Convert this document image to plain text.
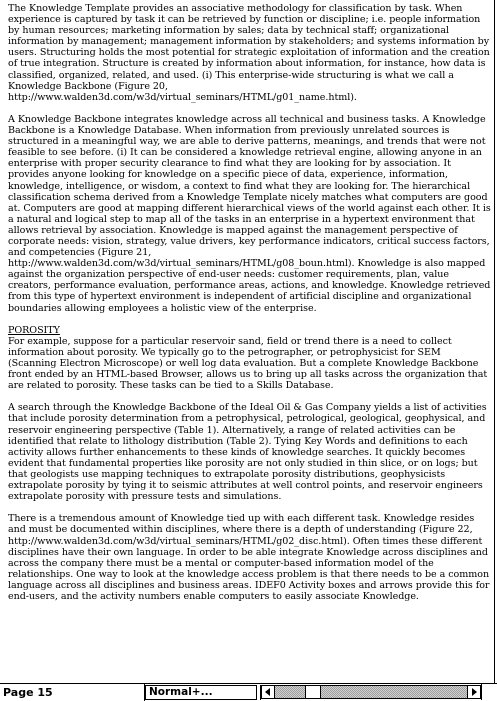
The Knowledge Template provides an associative methodology for classification by task. When experience is captured by task it can be retrieved by function or discipline; i.e. people information by human resources; marketing information by sales; data by technical staff; organizational information by management; management information by stakeholders; and systems information by users. Structuring holds the most potential for strategic exploitation of information and the creation of true integration. Structure is created by information about information, for instance, how data is classified, organized, related, and used. (i) This enterprise-wide structuring is what we call a Knowledge Backbone (Figure 20, http://www.walden3d.com/w3d/virtual_seminars/HTML/g01_name.html).

A Knowledge Backbone integrates knowledge across all technical and business tasks. A Knowledge Backbone is a Knowledge Database. When information from previously unrelated sources is structured in a meaningful way, we are able to derive patterns, meanings, and trends that were not feasible to see before. (i) It can be considered a knowledge retrieval engine, allowing anyone in an enterprise with proper security clearance to find what they are looking for by association. It provides anyone looking for knowledge on a specific piece of data, experience, information, knowledge, intelligence, or wisdom, a context to find what they are looking for. The hierarchical classification schema derived from a Knowledge Template nicely matches what computers are good at. Computers are good at mapping different hierarchical views of the world against each other. It is a natural and logical step to map all of the tasks in an enterprise in a hypertext environment that allows retrieval by association. Knowledge is mapped against the management perspective of corporate needs: vision, strategy, value drivers, key performance indicators, critical success factors, and competencies (Figure 21, http://www.walden3d.com/w3d/virtual_seminars/HTML/g08_boun.html). Knowledge is also mapped against the organization perspective of end-user needs: customer requirements, plan, value creators, performance evaluation, performance areas, actions, and knowledge. Knowledge retrieved from this type of hypertext environment is independent of artificial discipline and organizational boundaries allowing employees a holistic view of the enterprise.

POROSITY
For example, suppose for a particular reservoir sand, field or trend there is a need to collect information about porosity. We typically go to the petrographer, or petrophysicist for SEM (Scanning Electron Microscope) or well log data evaluation. But a complete Knowledge Backbone front ended by an HTML-based Browser, allows us to bring up all tasks across the organization that are related to porosity. These tasks can be tied to a Skills Database.

A search through the Knowledge Backbone of the Ideal Oil & Gas Company yields a list of activities that include porosity determination from a petrophysical, petrological, geological, geophysical, and reservoir engineering perspective (Table 1). Alternatively, a range of related activities can be identified that relate to lithology distribution (Table 2). Tying Key Words and definitions to each activity allows further enhancements to these kinds of knowledge searches. It quickly becomes evident that fundamental properties like porosity are not only studied in thin slice, or on logs; but that geologists use mapping techniques to extrapolate porosity distributions, geophysicists extrapolate porosity by tying it to seismic attributes at well control points, and reservoir engineers extrapolate porosity with pressure tests and simulations.

There is a tremendous amount of Knowledge tied up with each different task. Knowledge resides and must be documented within disciplines, where there is a depth of understanding (Figure 22, http://www.walden3d.com/w3d/virtual_seminars/HTML/g02_disc.html). Often times these different disciplines have their own language. In order to be able integrate Knowledge across disciplines and across the company there must be a mental or computer-based information model of the relationships. One way to look at the knowledge access problem is that there needs to be a common language across all disciplines and business areas. IDEF0 Activity boxes and arrows provide this for end-users, and the activity numbers enable computers to easily associate Knowledge.

Page 15	Normal+...
